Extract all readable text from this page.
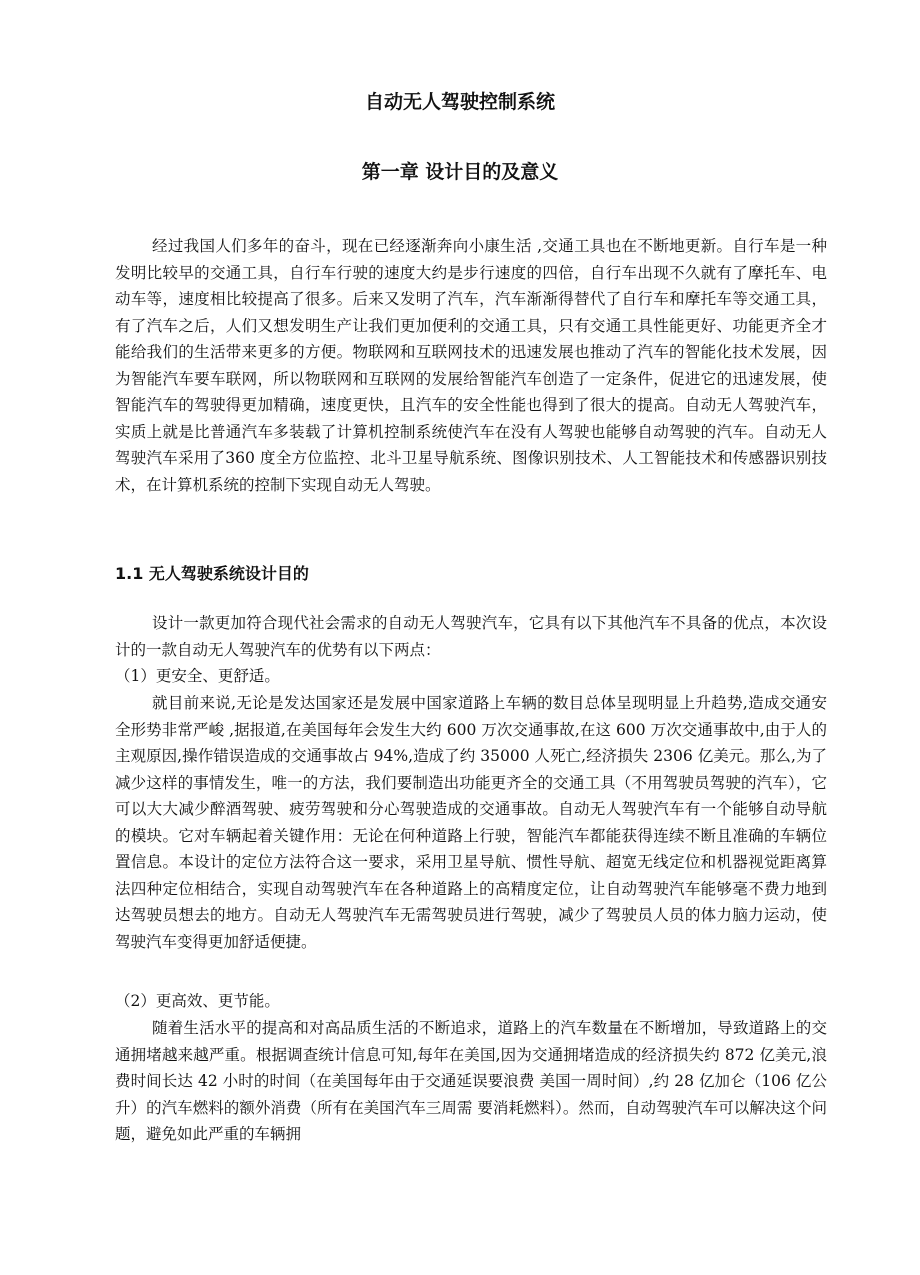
自动无人驾驶控制系统
第一章 设计目的及意义

经过我国人们多年的奋斗，现在已经逐渐奔向小康生活 ,交通工具也在不断地更新。自行车是一种发明比较早的交通工具，自行车行驶的速度大约是步行速度的四倍，自行车出现不久就有了摩托车、电动车等，速度相比较提高了很多。后来又发明了汽车，汽车渐渐得替代了自行车和摩托车等交通工具，有了汽车之后，人们又想发明生产让我们更加便利的交通工具，只有交通工具性能更好、功能更齐全才能给我们的生活带来更多的方便。物联网和互联网技术的迅速发展也推动了汽车的智能化技术发展，因为智能汽车要车联网，所以物联网和互联网的发展给智能汽车创造了一定条件，促进它的迅速发展，使智能汽车的驾驶得更加精确，速度更快，且汽车的安全性能也得到了很大的提高。自动无人驾驶汽车，实质上就是比普通汽车多装载了计算机控制系统使汽车在没有人驾驶也能够自动驾驶的汽车。自动无人驾驶汽车采用了360 度全方位监控、北斗卫星导航系统、图像识别技术、人工智能技术和传感器识别技术，在计算机系统的控制下实现自动无人驾驶。

1.1 无人驾驶系统设计目的

设计一款更加符合现代社会需求的自动无人驾驶汽车，它具有以下其他汽车不具备的优点，本次设计的一款自动无人驾驶汽车的优势有以下两点：

（1）更安全、更舒适。

就目前来说,无论是发达国家还是发展中国家道路上车辆的数目总体呈现明显上升趋势,造成交通安全形势非常严峻 ,据报道,在美国每年会发生大约 600 万次交通事故,在这 600 万次交通事故中,由于人的主观原因,操作错误造成的交通事故占 94%,造成了约 35000 人死亡,经济损失 2306 亿美元。那么,为了减少这样的事情发生，唯一的方法，我们要制造出功能更齐全的交通工具（不用驾驶员驾驶的汽车），它可以大大减少醉酒驾驶、疲劳驾驶和分心驾驶造成的交通事故。自动无人驾驶汽车有一个能够自动导航的模块。它对车辆起着关键作用：无论在何种道路上行驶，智能汽车都能获得连续不断且准确的车辆位置信息。本设计的定位方法符合这一要求，采用卫星导航、惯性导航、超宽无线定位和机器视觉距离算法四种定位相结合，实现自动驾驶汽车在各种道路上的高精度定位，让自动驾驶汽车能够毫不费力地到达驾驶员想去的地方。自动无人驾驶汽车无需驾驶员进行驾驶，减少了驾驶员人员的体力脑力运动，使驾驶汽车变得更加舒适便捷。

（2）更高效、更节能。

随着生活水平的提高和对高品质生活的不断追求，道路上的汽车数量在不断增加，导致道路上的交通拥堵越来越严重。根据调查统计信息可知,每年在美国,因为交通拥堵造成的经济损失约 872 亿美元,浪费时间长达 42 小时的时间（在美国每年由于交通延误要浪费 美国一周时间）,约 28 亿加仑（106 亿公升）的汽车燃料的额外消费（所有在美国汽车三周需 要消耗燃料）。然而，自动驾驶汽车可以解决这个问题，避免如此严重的车辆拥
